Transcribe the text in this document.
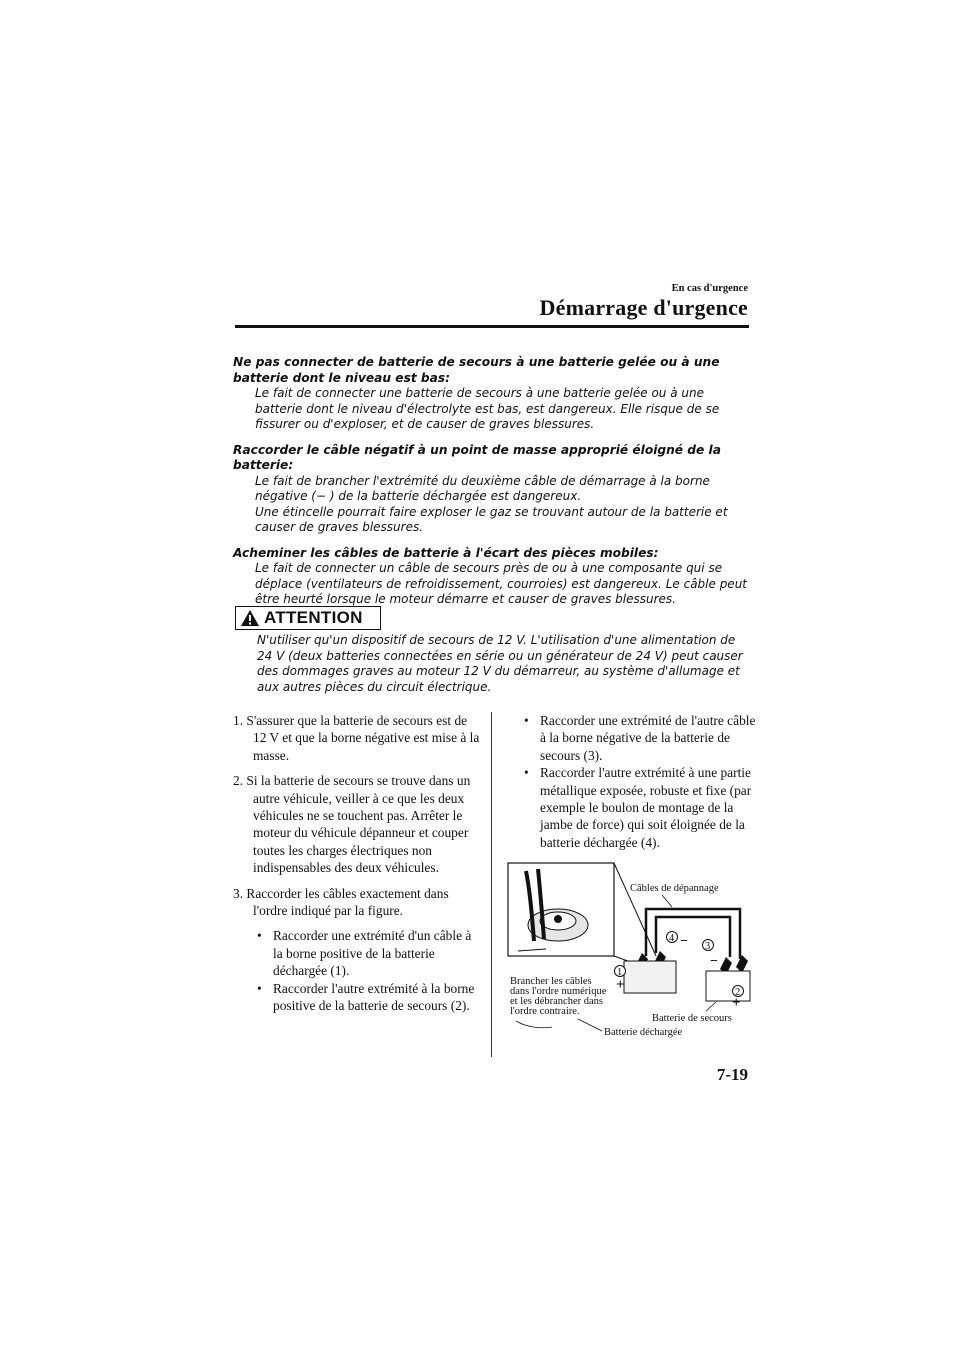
En cas d'urgence
Démarrage d'urgence
Ne pas connecter de batterie de secours à une batterie gelée ou à une batterie dont le niveau est bas:

Le fait de connecter une batterie de secours à une batterie gelée ou à une batterie dont le niveau d'électrolyte est bas, est dangereux. Elle risque de se fissurer ou d'exploser, et de causer de graves blessures.

Raccorder le câble négatif à un point de masse approprié éloigné de la batterie:

Le fait de brancher l'extrémité du deuxième câble de démarrage à la borne négative (− ) de la batterie déchargée est dangereux.

Une étincelle pourrait faire exploser le gaz se trouvant autour de la batterie et causer de graves blessures.

Acheminer les câbles de batterie à l'écart des pièces mobiles:

Le fait de connecter un câble de secours près de ou à une composante qui se déplace (ventilateurs de refroidissement, courroies) est dangereux. Le câble peut être heurté lorsque le moteur démarre et causer de graves blessures.

ATTENTION
N'utiliser qu'un dispositif de secours de 12 V. L'utilisation d'une alimentation de 24 V (deux batteries connectées en série ou un générateur de 24 V) peut causer des dommages graves au moteur 12 V du démarreur, au système d'allumage et aux autres pièces du circuit électrique.
1. S'assurer que la batterie de secours est de 12 V et que la borne négative est mise à la masse.
2. Si la batterie de secours se trouve dans un autre véhicule, veiller à ce que les deux véhicules ne se touchent pas. Arrêter le moteur du véhicule dépanneur et couper toutes les charges électriques non indispensables des deux véhicules.
3. Raccorder les câbles exactement dans l'ordre indiqué par la figure.
• Raccorder une extrémité d'un câble à la borne positive de la batterie déchargée (1).
• Raccorder l'autre extrémité à la borne positive de la batterie de secours (2).
• Raccorder une extrémité de l'autre câble à la borne négative de la batterie de secours (3).
• Raccorder l'autre extrémité à une partie métallique exposée, robuste et fixe (par exemple le boulon de montage de la jambe de force) qui soit éloignée de la batterie déchargée (4).
4
3
1
2
+
+
−
−
Câbles de dépannage
Brancher les câbles
dans l'ordre numérique
et les débrancher dans
l'ordre contraire.
Batterie de secours
Batterie déchargée
7-19
